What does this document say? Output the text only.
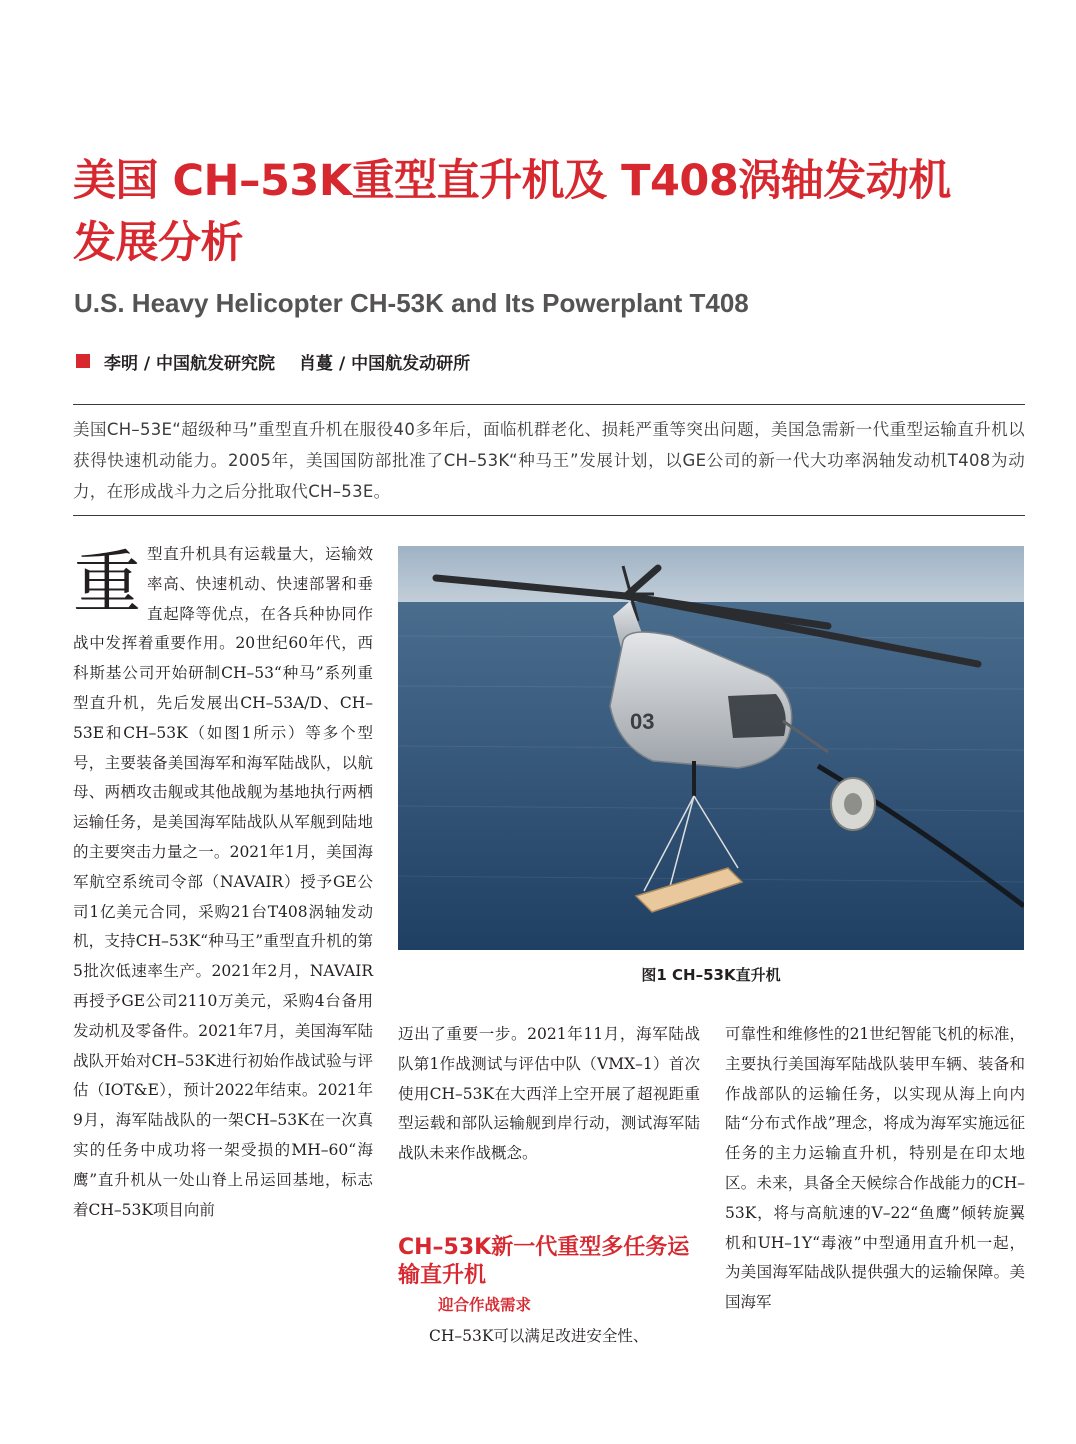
美国 CH–53K重型直升机及 T408涡轴发动机
发展分析
U.S. Heavy Helicopter CH-53K and Its Powerplant T408
李明 / 中国航发研究院 肖蔓 / 中国航发动研所
美国CH–53E“超级种马”重型直升机在服役40多年后，面临机群老化、损耗严重等突出问题，美国急需新一代重型运输直升机以获得快速机动能力。2005年，美国国防部批准了CH–53K“种马王”发展计划，以GE公司的新一代大功率涡轴发动机T408为动力，在形成战斗力之后分批取代CH–53E。
重型直升机具有运载量大，运输效率高、快速机动、快速部署和垂直起降等优点，在各兵种协同作战中发挥着重要作用。20世纪60年代，西科斯基公司开始研制CH–53“种马”系列重型直升机，先后发展出CH–53A/D、CH–53E和CH–53K（如图1所示）等多个型号，主要装备美国海军和海军陆战队，以航母、两栖攻击舰或其他战舰为基地执行两栖运输任务，是美国海军陆战队从军舰到陆地的主要突击力量之一。2021年1月，美国海军航空系统司令部（NAVAIR）授予GE公司1亿美元合同，采购21台T408涡轴发动机，支持CH–53K“种马王”重型直升机的第5批次低速率生产。2021年2月，NAVAIR再授予GE公司2110万美元，采购4台备用发动机及零备件。2021年7月，美国海军陆战队开始对CH–53K进行初始作战试验与评估（IOT&E），预计2022年结束。2021年9月，海军陆战队的一架CH–53K在一次真实的任务中成功将一架受损的MH–60“海鹰”直升机从一处山脊上吊运回基地，标志着CH–53K项目向前
03
图1 CH–53K直升机
迈出了重要一步。2021年11月，海军陆战队第1作战测试与评估中队（VMX–1）首次使用CH–53K在大西洋上空开展了超视距重型运载和部队运输舰到岸行动，测试海军陆战队未来作战概念。
CH–53K新一代重型多任务运输直升机
迎合作战需求
CH–53K可以满足改进安全性、
可靠性和维修性的21世纪智能飞机的标准，主要执行美国海军陆战队装甲车辆、装备和作战部队的运输任务，以实现从海上向内陆“分布式作战”理念，将成为海军实施远征任务的主力运输直升机，特别是在印太地区。未来，具备全天候综合作战能力的CH–53K，将与高航速的V–22“鱼鹰”倾转旋翼机和UH–1Y“毒液”中型通用直升机一起，为美国海军陆战队提供强大的运输保障。美国海军
